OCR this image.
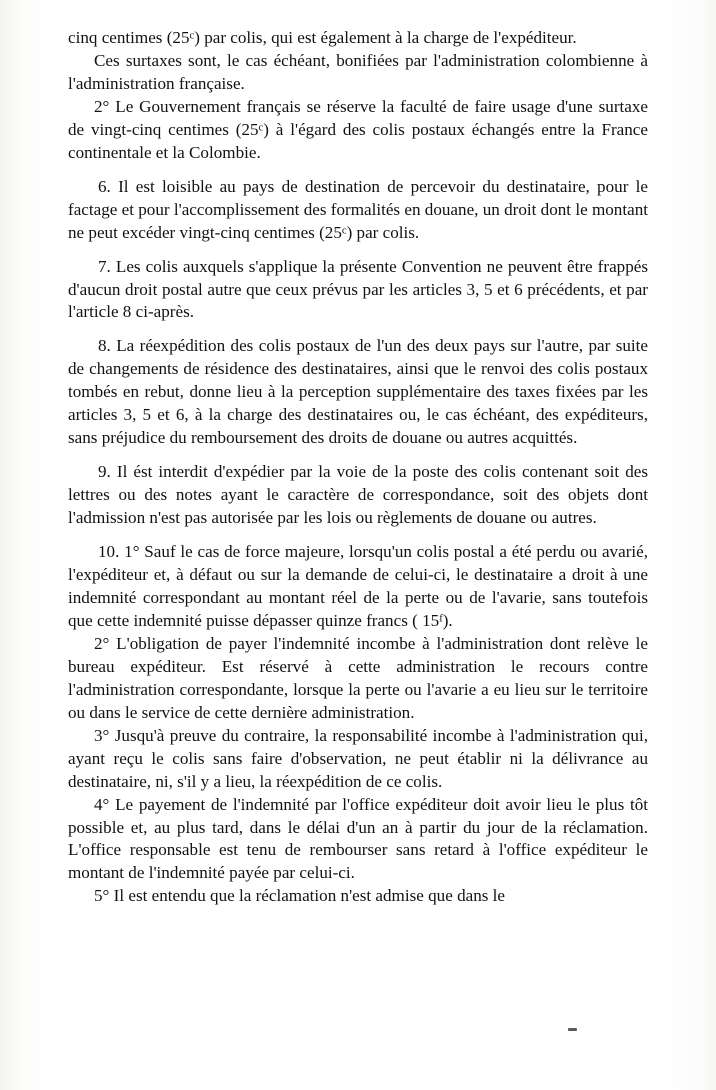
cinq centimes (25$^c$) par colis, qui est également à la charge de l'expéditeur.

Ces surtaxes sont, le cas échéant, bonifiées par l'administration colombienne à l'administration française.

2° Le Gouvernement français se réserve la faculté de faire usage d'une surtaxe de vingt-cinq centimes (25$^c$) à l'égard des colis postaux échangés entre la France continentale et la Colombie.

6. Il est loisible au pays de destination de percevoir du destinataire, pour le factage et pour l'accomplissement des formalités en douane, un droit dont le montant ne peut excéder vingt-cinq centimes (25$^c$) par colis.

7. Les colis auxquels s'applique la présente Convention ne peuvent être frappés d'aucun droit postal autre que ceux prévus par les articles 3, 5 et 6 précédents, et par l'article 8 ci-après.

8. La réexpédition des colis postaux de l'un des deux pays sur l'autre, par suite de changements de résidence des destinataires, ainsi que le renvoi des colis postaux tombés en rebut, donne lieu à la perception supplémentaire des taxes fixées par les articles 3, 5 et 6, à la charge des destinataires ou, le cas échéant, des expéditeurs, sans préjudice du remboursement des droits de douane ou autres acquittés.

9. Il ést interdit d'expédier par la voie de la poste des colis contenant soit des lettres ou des notes ayant le caractère de correspondance, soit des objets dont l'admission n'est pas autorisée par les lois ou règlements de douane ou autres.

10. 1° Sauf le cas de force majeure, lorsqu'un colis postal a été perdu ou avarié, l'expéditeur et, à défaut ou sur la demande de celui-ci, le destinataire a droit à une indemnité correspondant au montant réel de la perte ou de l'avarie, sans toutefois que cette indemnité puisse dépasser quinze francs ( 15$^f$).

2° L'obligation de payer l'indemnité incombe à l'administration dont relève le bureau expéditeur. Est réservé à cette administration le recours contre l'administration correspondante, lorsque la perte ou l'avarie a eu lieu sur le territoire ou dans le service de cette dernière administration.

3° Jusqu'à preuve du contraire, la responsabilité incombe à l'administration qui, ayant reçu le colis sans faire d'observation, ne peut établir ni la délivrance au destinataire, ni, s'il y a lieu, la réexpédition de ce colis.

4° Le payement de l'indemnité par l'office expéditeur doit avoir lieu le plus tôt possible et, au plus tard, dans le délai d'un an à partir du jour de la réclamation. L'office responsable est tenu de rembourser sans retard à l'office expéditeur le montant de l'indemnité payée par celui-ci.

5° Il est entendu que la réclamation n'est admise que dans le
